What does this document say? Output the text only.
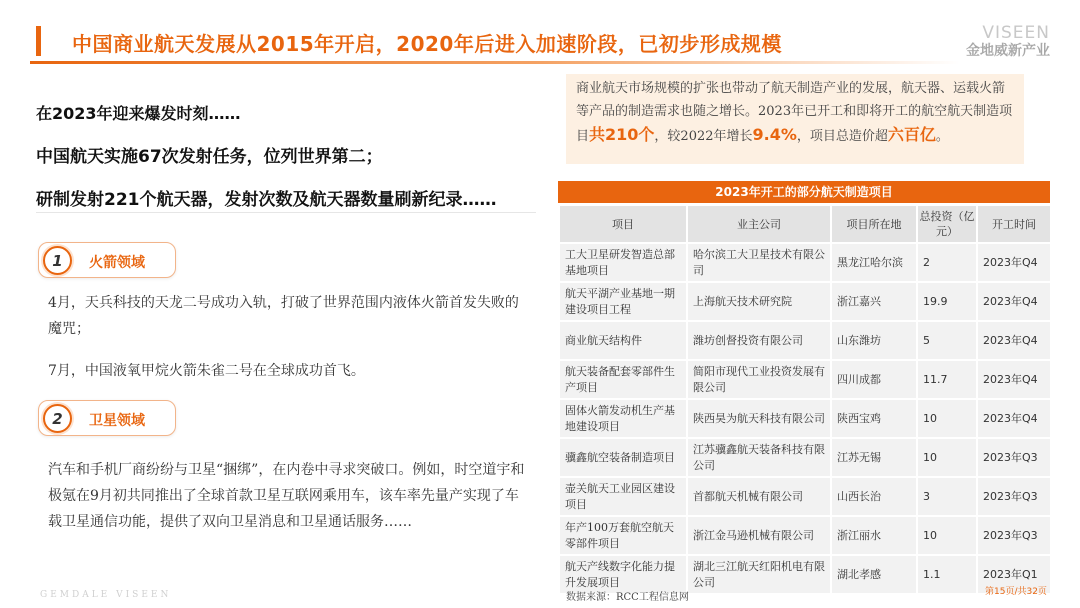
中国商业航天发展从2015年开启，2020年后进入加速阶段，已初步形成规模	VISEEN
金地威新产业
在2023年迎来爆发时刻……
中国航天实施67次发射任务，位列世界第二；
研制发射221个航天器，发射次数及航天器数量刷新纪录……
1	火箭领域
4月，天兵科技的天龙二号成功入轨，打破了世界范围内液体火箭首发失败的魔咒；
7月，中国液氧甲烷火箭朱雀二号在全球成功首飞。
2	卫星领域
汽车和手机厂商纷纷与卫星“捆绑”，在内卷中寻求突破口。例如，时空道宇和极氪在9月初共同推出了全球首款卫星互联网乘用车，该车率先量产实现了车载卫星通信功能，提供了双向卫星消息和卫星通话服务……
商业航天市场规模的扩张也带动了航天制造产业的发展，航天器、运载火箭等产品的制造需求也随之增长。2023年已开工和即将开工的航空航天制造项目共210个，较2022年增长9.4%，项目总造价超六百亿。
2023年开工的部分航天制造项目
项目	业主公司	项目所在地	总投资（亿元）	开工时间
工大卫星研发智造总部基地项目	哈尔滨工大卫星技术有限公司	黑龙江哈尔滨	2	2023年Q4
航天平湖产业基地一期建设项目工程	上海航天技术研究院	浙江嘉兴	19.9	2023年Q4
商业航天结构件	潍坊创督投资有限公司	山东潍坊	5	2023年Q4
航天装备配套零部件生产项目	简阳市现代工业投资发展有限公司	四川成都	11.7	2023年Q4
固体火箭发动机生产基地建设项目	陕西昊为航天科技有限公司	陕西宝鸡	10	2023年Q4
骥鑫航空装备制造项目	江苏骥鑫航天装备科技有限公司	江苏无锡	10	2023年Q3
壶关航天工业园区建设项目	首都航天机械有限公司	山西长治	3	2023年Q3
年产100万套航空航天零部件项目	浙江金马逊机械有限公司	浙江丽水	10	2023年Q3
航天产线数字化能力提升发展项目	湖北三江航天红阳机电有限公司	湖北孝感	1.1	2023年Q1
数据来源：RCC工程信息网	第15页/共32页
GEMDALE VISEEN
